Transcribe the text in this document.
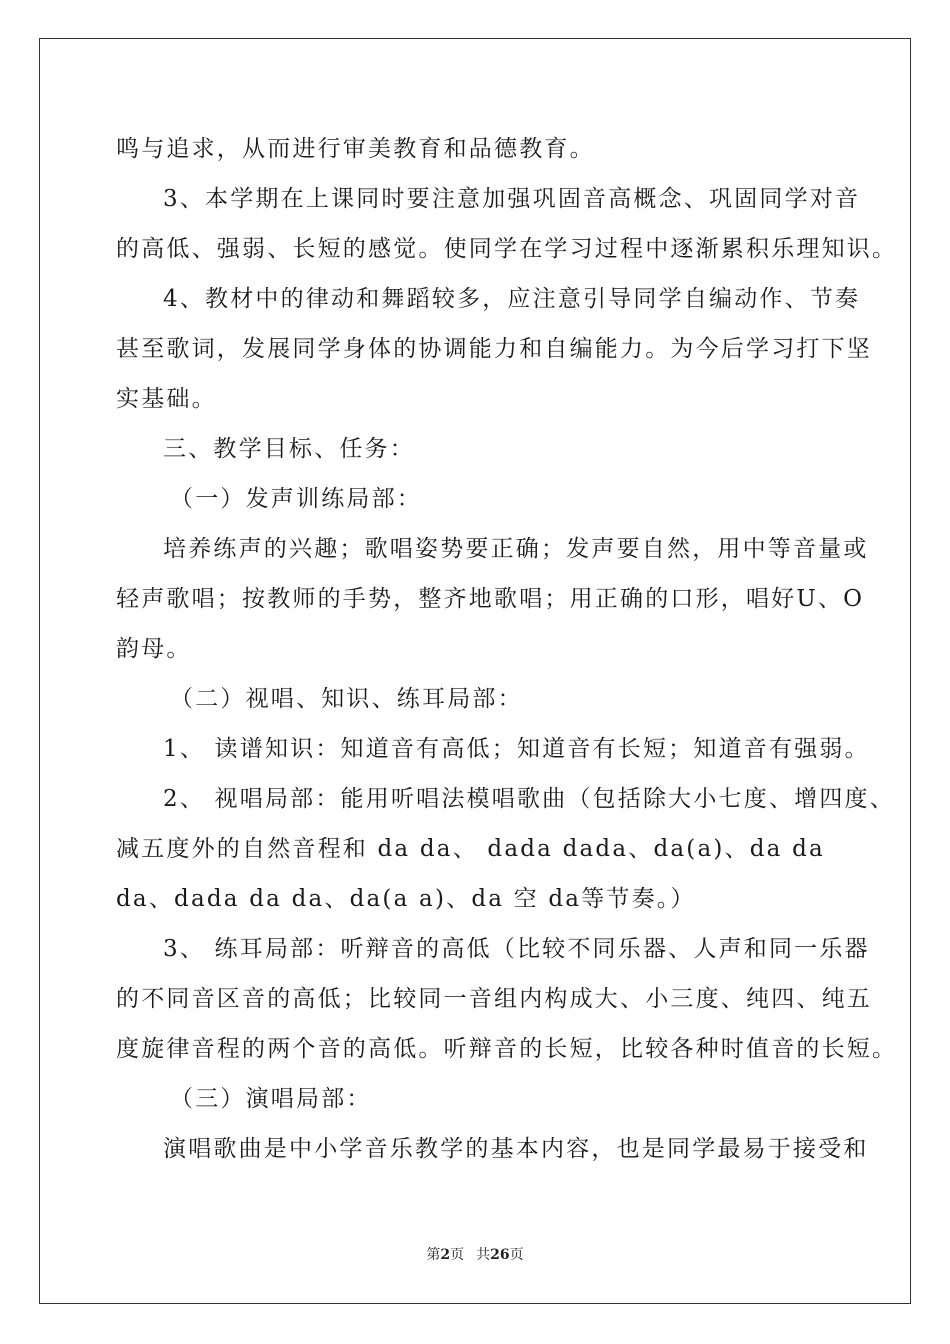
鸣与追求，从而进行审美教育和品德教育。
3、本学期在上课同时要注意加强巩固音高概念、巩固同学对音
的高低、强弱、长短的感觉。使同学在学习过程中逐渐累积乐理知识。
4、教材中的律动和舞蹈较多，应注意引导同学自编动作、节奏
甚至歌词，发展同学身体的协调能力和自编能力。为今后学习打下坚
实基础。
三、教学目标、任务：
（一）发声训练局部：
培养练声的兴趣；歌唱姿势要正确；发声要自然，用中等音量或
轻声歌唱；按教师的手势，整齐地歌唱；用正确的口形，唱好U、O
韵母。
（二）视唱、知识、练耳局部：
1、 读谱知识：知道音有高低；知道音有长短；知道音有强弱。
2、 视唱局部：能用听唱法模唱歌曲（包括除大小七度、增四度、
减五度外的自然音程和 da da、 dada dada、da(a)、da da
da、dada da da、da(a a)、da 空 da等节奏。）
3、 练耳局部：听辩音的高低（比较不同乐器、人声和同一乐器
的不同音区音的高低；比较同一音组内构成大、小三度、纯四、纯五
度旋律音程的两个音的高低。听辩音的长短，比较各种时值音的长短。
（三）演唱局部：
演唱歌曲是中小学音乐教学的基本内容，也是同学最易于接受和
第2页 共26页
